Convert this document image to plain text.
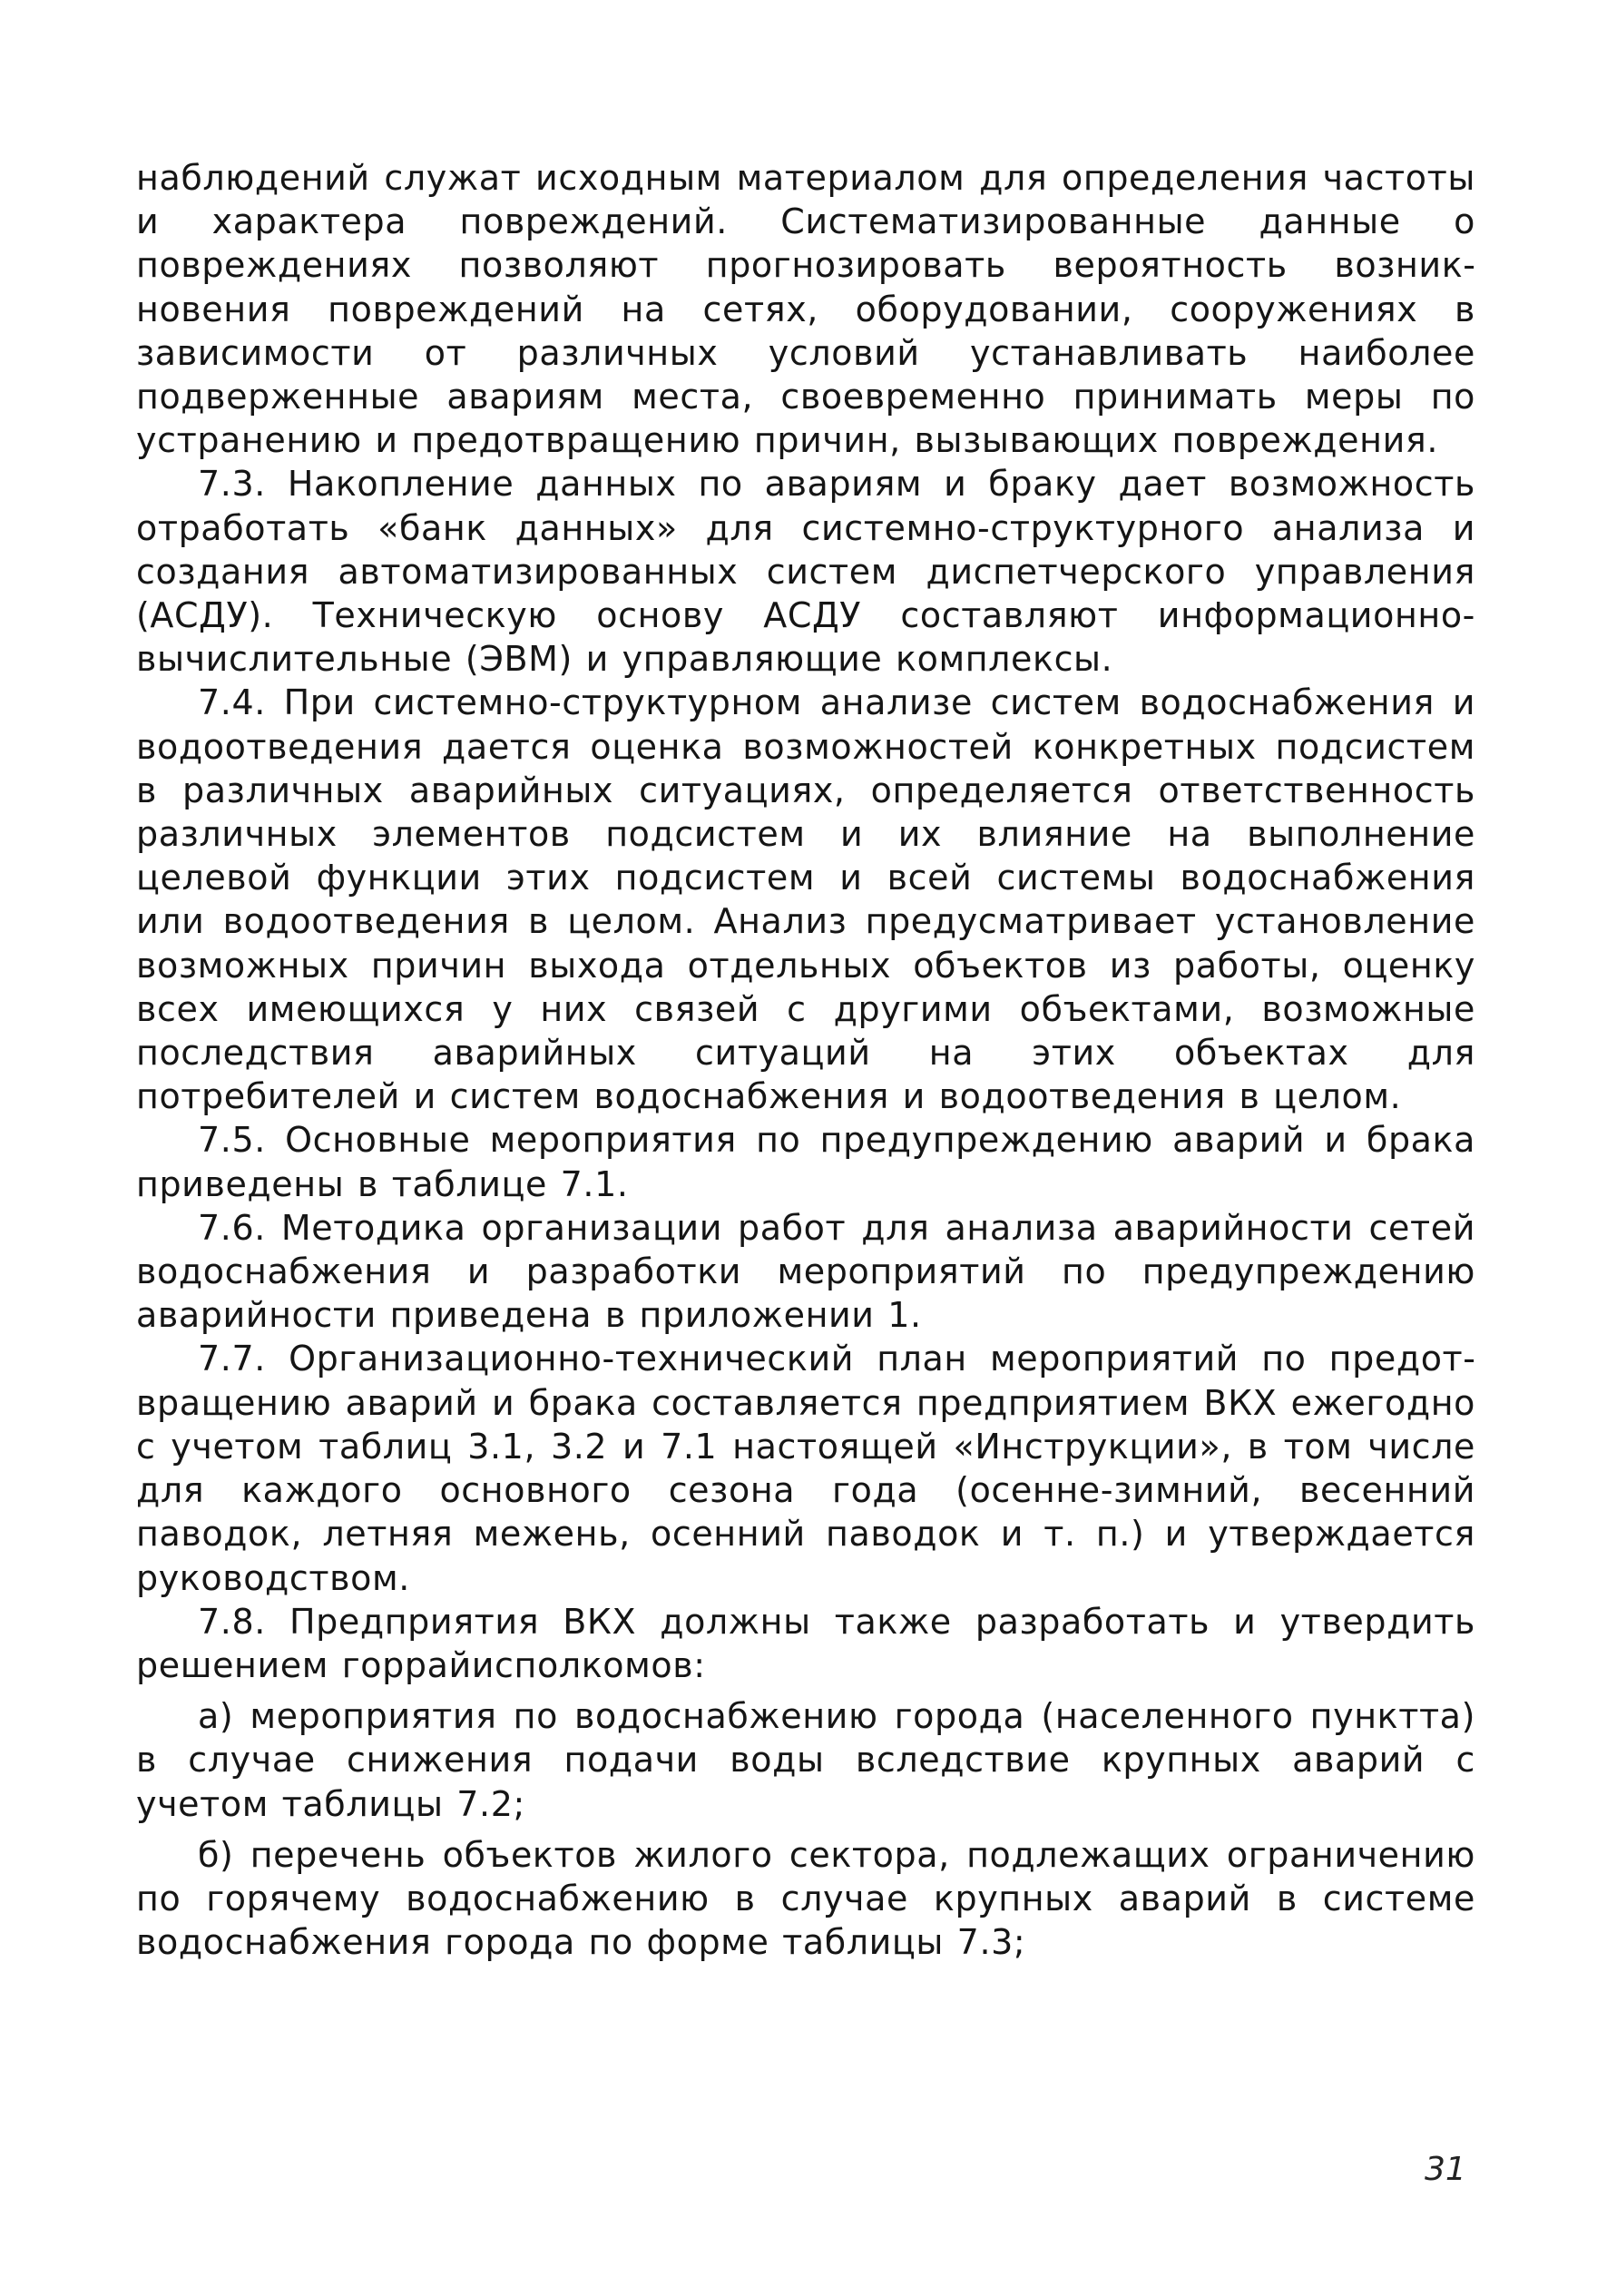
наблюдений служат исходным материалом для определения частоты и характера повреждений. Систематизированные данные о повреждениях позволяют прогнозировать вероятность возникновения повреждений на сетях, оборудовании, сооружениях в зависимости от различных условий устанавливать наиболее подверженные авариям места, своевременно принимать меры по устранению и предотвращению причин, вызывающих повреждения.

7.3. Накопление данных по авариям и браку дает возможность отработать «банк данных» для системно-структурного анализа и создания автоматизированных систем диспетчерского управления (АСДУ). Техническую основу АСДУ составляют информационно-вычислительные (ЭВМ) и управляющие комплексы.

7.4. При системно-структурном анализе систем водоснабжения и водоотведения дается оценка возможностей конкретных подсистем в различных аварийных ситуациях, определяется ответственность различных элементов подсистем и их влияние на выполнение целевой функции этих подсистем и всей системы водоснабжения или водоотведения в целом. Анализ предусматривает установление возможных причин выхода отдельных объектов из работы, оценку всех имеющихся у них связей с другими объектами, возможные последствия аварийных ситуаций на этих объектах для потребителей и систем водоснабжения и водоотведения в целом.

7.5. Основные мероприятия по предупреждению аварий и брака приведены в таблице 7.1.

7.6. Методика организации работ для анализа аварийности сетей водоснабжения и разработки мероприятий по предупреждению аварийности приведена в приложении 1.

7.7. Организационно-технический план мероприятий по предотвращению аварий и брака составляется предприятием ВКХ ежегодно с учетом таблиц 3.1, 3.2 и 7.1 настоящей «Инструкции», в том числе для каждого основного сезона года (осенне-зимний, весенний паводок, летняя межень, осенний паводок и т. п.) и утверждается руководством.

7.8. Предприятия ВКХ должны также разработать и утвердить решением горрайисполкомов:

а) мероприятия по водоснабжению города (населенного пунктта) в случае снижения подачи воды вследствие крупных аварий с учетом таблицы 7.2;

б) перечень объектов жилого сектора, подлежащих ограничению по горячему водоснабжению в случае крупных аварий в системе водоснабжения города по форме таблицы 7.3;

31
